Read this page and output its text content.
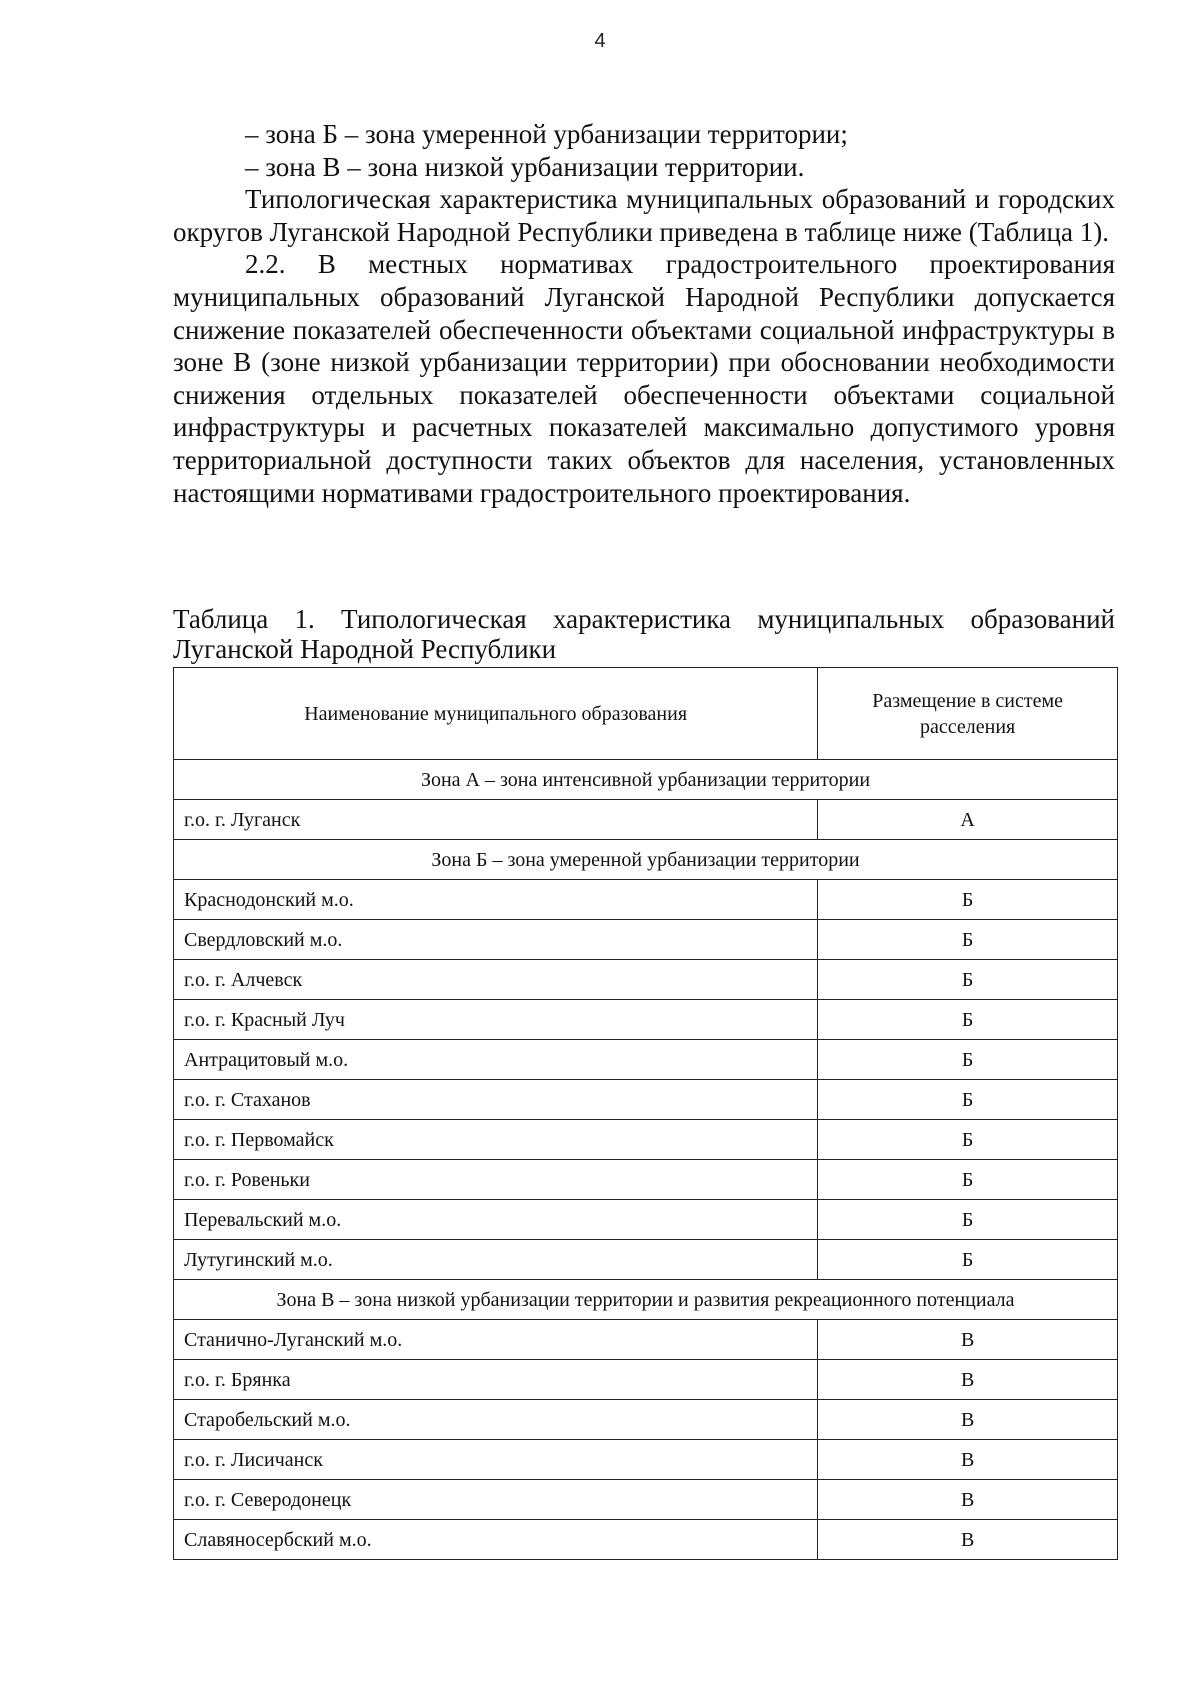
4

– зона Б – зона умеренной урбанизации территории;

– зона В – зона низкой урбанизации территории.

Типологическая характеристика муниципальных образований и городских округов Луганской Народной Республики приведена в таблице ниже (Таблица 1).

2.2. В местных нормативах градостроительного проектирования муниципальных образований Луганской Народной Республики допускается снижение показателей обеспеченности объектами социальной инфраструктуры в зоне В (зоне низкой урбанизации территории) при обосновании необходимости снижения отдельных показателей обеспеченности объектами социальной инфраструктуры и расчетных показателей максимально допустимого уровня территориальной доступности таких объектов для населения, установленных настоящими нормативами градостроительного проектирования.

Таблица 1. Типологическая характеристика муниципальных образований Луганской Народной Республики

Наименование муниципального образования	Размещение в системе расселения
Зона А – зона интенсивной урбанизации территории	
г.о. г. Луганск	А
Зона Б – зона умеренной урбанизации территории	
Краснодонский м.о.	Б
Свердловский м.о.	Б
г.о. г. Алчевск	Б
г.о. г. Красный Луч	Б
Антрацитовый м.о.	Б
г.о. г. Стаханов	Б
г.о. г. Первомайск	Б
г.о. г. Ровеньки	Б
Перевальский м.о.	Б
Лутугинский м.о.	Б
Зона В – зона низкой урбанизации территории и развития рекреационного потенциала	
Станично-Луганский м.о.	В
г.о. г. Брянка	В
Старобельский м.о.	В
г.о. г. Лисичанск	В
г.о. г. Северодонецк	В
Славяносербский м.о.	В
